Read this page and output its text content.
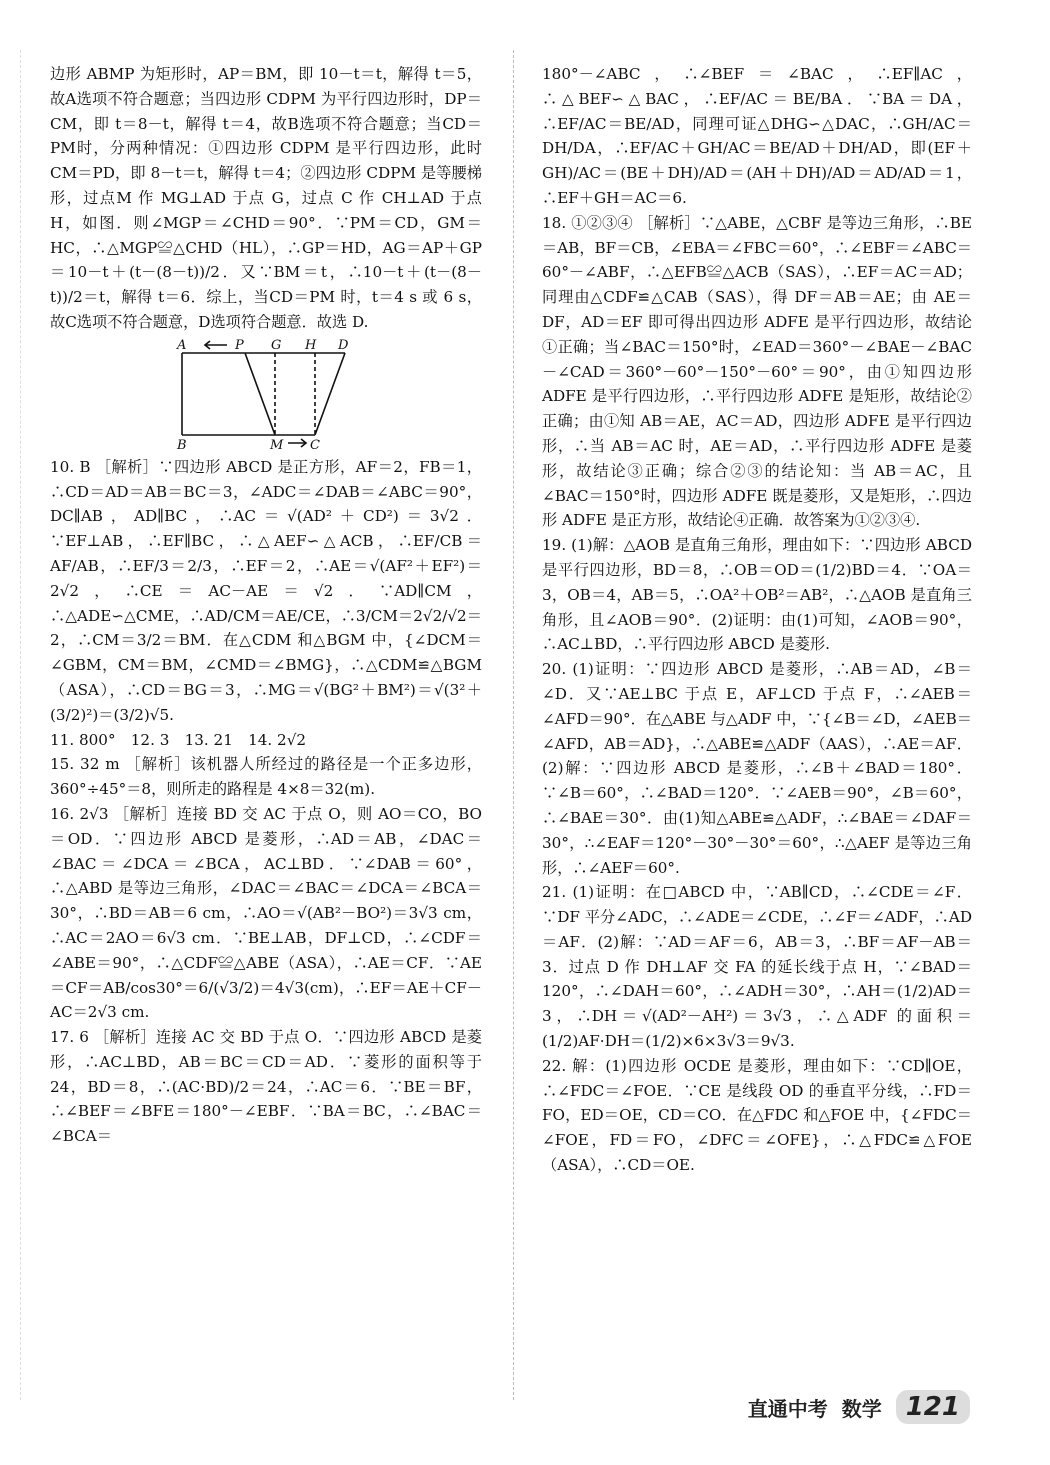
边形 ABMP 为矩形时，AP＝BM，即 10－t＝t，解得 t＝5，故A选项不符合题意；当四边形 CDPM 为平行四边形时，DP＝CM，即 t＝8－t，解得 t＝4，故B选项不符合题意；当CD＝PM时，分两种情况：①四边形 CDPM 是平行四边形，此时 CM＝PD，即 8－t＝t，解得 t＝4；②四边形 CDPM 是等腰梯形，过点M 作 MG⊥AD 于点 G，过点 C 作 CH⊥AD 于点 H，如图．则∠MGP＝∠CHD＝90°．∵PM＝CD，GM＝HC，∴△MGP≌△CHD（HL），∴GP＝HD，AG＝AP＋GP＝10－t＋(t－(8－t))/2．又∵BM＝t，∴10－t＋(t－(8－t))/2＝t，解得 t＝6．综上，当CD＝PM 时，t＝4 s 或 6 s，故C选项不符合题意，D选项符合题意．故选 D.

A	P G H D
B	M C

10. B ［解析］∵四边形 ABCD 是正方形，AF＝2，FB＝1，∴CD＝AD＝AB＝BC＝3，∠ADC＝∠DAB＝∠ABC＝90°，DC∥AB，AD∥BC，∴AC＝√(AD²＋CD²)＝3√2．∵EF⊥AB，∴EF∥BC，∴△AEF∽△ACB，∴EF/CB＝AF/AB，∴EF/3＝2/3，∴EF＝2，∴AE＝√(AF²＋EF²)＝2√2，∴CE＝AC－AE＝√2．∵AD∥CM，∴△ADE∽△CME，∴AD/CM＝AE/CE，∴3/CM＝2√2/√2＝2，∴CM＝3/2＝BM．在△CDM 和△BGM 中，{∠DCM＝∠GBM，CM＝BM，∠CMD＝∠BMG}，∴△CDM≌△BGM（ASA），∴CD＝BG＝3，∴MG＝√(BG²＋BM²)＝√(3²＋(3/2)²)＝(3/2)√5.

11. 800°　12. 3　13. 21　14. 2√2

15. 32 m ［解析］该机器人所经过的路径是一个正多边形，360°÷45°＝8，则所走的路程是 4×8＝32(m).

16. 2√3 ［解析］连接 BD 交 AC 于点 O，则 AO＝CO，BO＝OD．∵四边形 ABCD 是菱形，∴AD＝AB，∠DAC＝∠BAC＝∠DCA＝∠BCA，AC⊥BD．∵∠DAB＝60°，∴△ABD 是等边三角形，∠DAC＝∠BAC＝∠DCA＝∠BCA＝30°，∴BD＝AB＝6 cm，∴AO＝√(AB²－BO²)＝3√3 cm，∴AC＝2AO＝6√3 cm．∵BE⊥AB，DF⊥CD，∴∠CDF＝∠ABE＝90°，∴△CDF≌△ABE（ASA），∴AE＝CF．∵AE＝CF＝AB/cos30°＝6/(√3/2)＝4√3(cm)，∴EF＝AE＋CF－AC＝2√3 cm.

17. 6 ［解析］连接 AC 交 BD 于点 O．∵四边形 ABCD 是菱形，∴AC⊥BD，AB＝BC＝CD＝AD．∵菱形的面积等于 24，BD＝8，∴(AC·BD)/2＝24，∴AC＝6．∵BE＝BF，∴∠BEF＝∠BFE＝180°－∠EBF．∵BA＝BC，∴∠BAC＝∠BCA＝

180°－∠ABC，∴∠BEF＝∠BAC，∴EF∥AC，∴△BEF∽△BAC，∴EF/AC＝BE/BA．∵BA＝DA，∴EF/AC＝BE/AD，同理可证△DHG∽△DAC，∴GH/AC＝DH/DA，∴EF/AC＋GH/AC＝BE/AD＋DH/AD，即(EF＋GH)/AC＝(BE＋DH)/AD＝(AH＋DH)/AD＝AD/AD＝1，∴EF＋GH＝AC＝6.

18. ①②③④ ［解析］∵△ABE，△CBF 是等边三角形，∴BE＝AB，BF＝CB，∠EBA＝∠FBC＝60°，∴∠EBF＝∠ABC＝60°－∠ABF，∴△EFB≌△ACB（SAS），∴EF＝AC＝AD；同理由△CDF≌△CAB（SAS），得 DF＝AB＝AE；由 AE＝DF，AD＝EF 即可得出四边形 ADFE 是平行四边形，故结论①正确；当∠BAC＝150°时，∠EAD＝360°－∠BAE－∠BAC－∠CAD＝360°－60°－150°－60°＝90°，由①知四边形 ADFE 是平行四边形，∴平行四边形 ADFE 是矩形，故结论②正确；由①知 AB＝AE，AC＝AD，四边形 ADFE 是平行四边形，∴当 AB＝AC 时，AE＝AD，∴平行四边形 ADFE 是菱形，故结论③正确；综合②③的结论知：当 AB＝AC，且∠BAC＝150°时，四边形 ADFE 既是菱形，又是矩形，∴四边形 ADFE 是正方形，故结论④正确．故答案为①②③④.

19. (1)解：△AOB 是直角三角形，理由如下：∵四边形 ABCD 是平行四边形，BD＝8，∴OB＝OD＝(1/2)BD＝4．∵OA＝3，OB＝4，AB＝5，∴OA²＋OB²＝AB²，∴△AOB 是直角三角形，且∠AOB＝90°．(2)证明：由(1)可知，∠AOB＝90°，∴AC⊥BD，∴平行四边形 ABCD 是菱形.

20. (1)证明：∵四边形 ABCD 是菱形，∴AB＝AD，∠B＝∠D．又∵AE⊥BC 于点 E，AF⊥CD 于点 F，∴∠AEB＝∠AFD＝90°．在△ABE 与△ADF 中，∵{∠B＝∠D，∠AEB＝∠AFD，AB＝AD}，∴△ABE≌△ADF（AAS），∴AE＝AF．(2)解：∵四边形 ABCD 是菱形，∴∠B＋∠BAD＝180°．∵∠B＝60°，∴∠BAD＝120°．∵∠AEB＝90°，∠B＝60°，∴∠BAE＝30°．由(1)知△ABE≌△ADF，∴∠BAE＝∠DAF＝30°，∴∠EAF＝120°－30°－30°＝60°，∴△AEF 是等边三角形，∴∠AEF＝60°.

21. (1)证明：在□ABCD 中，∵AB∥CD，∴∠CDE＝∠F．∵DF 平分∠ADC，∴∠ADE＝∠CDE，∴∠F＝∠ADF，∴AD＝AF．(2)解：∵AD＝AF＝6，AB＝3，∴BF＝AF－AB＝3．过点 D 作 DH⊥AF 交 FA 的延长线于点 H，∵∠BAD＝120°，∴∠DAH＝60°，∴∠ADH＝30°，∴AH＝(1/2)AD＝3，∴DH＝√(AD²－AH²)＝3√3，∴△ADF 的面积＝(1/2)AF·DH＝(1/2)×6×3√3＝9√3.

22. 解：(1)四边形 OCDE 是菱形，理由如下：∵CD∥OE，∴∠FDC＝∠FOE．∵CE 是线段 OD 的垂直平分线，∴FD＝FO，ED＝OE，CD＝CO．在△FDC 和△FOE 中，{∠FDC＝∠FOE，FD＝FO，∠DFC＝∠OFE}，∴△FDC≌△FOE（ASA），∴CD＝OE.

直通中考 数学 121
